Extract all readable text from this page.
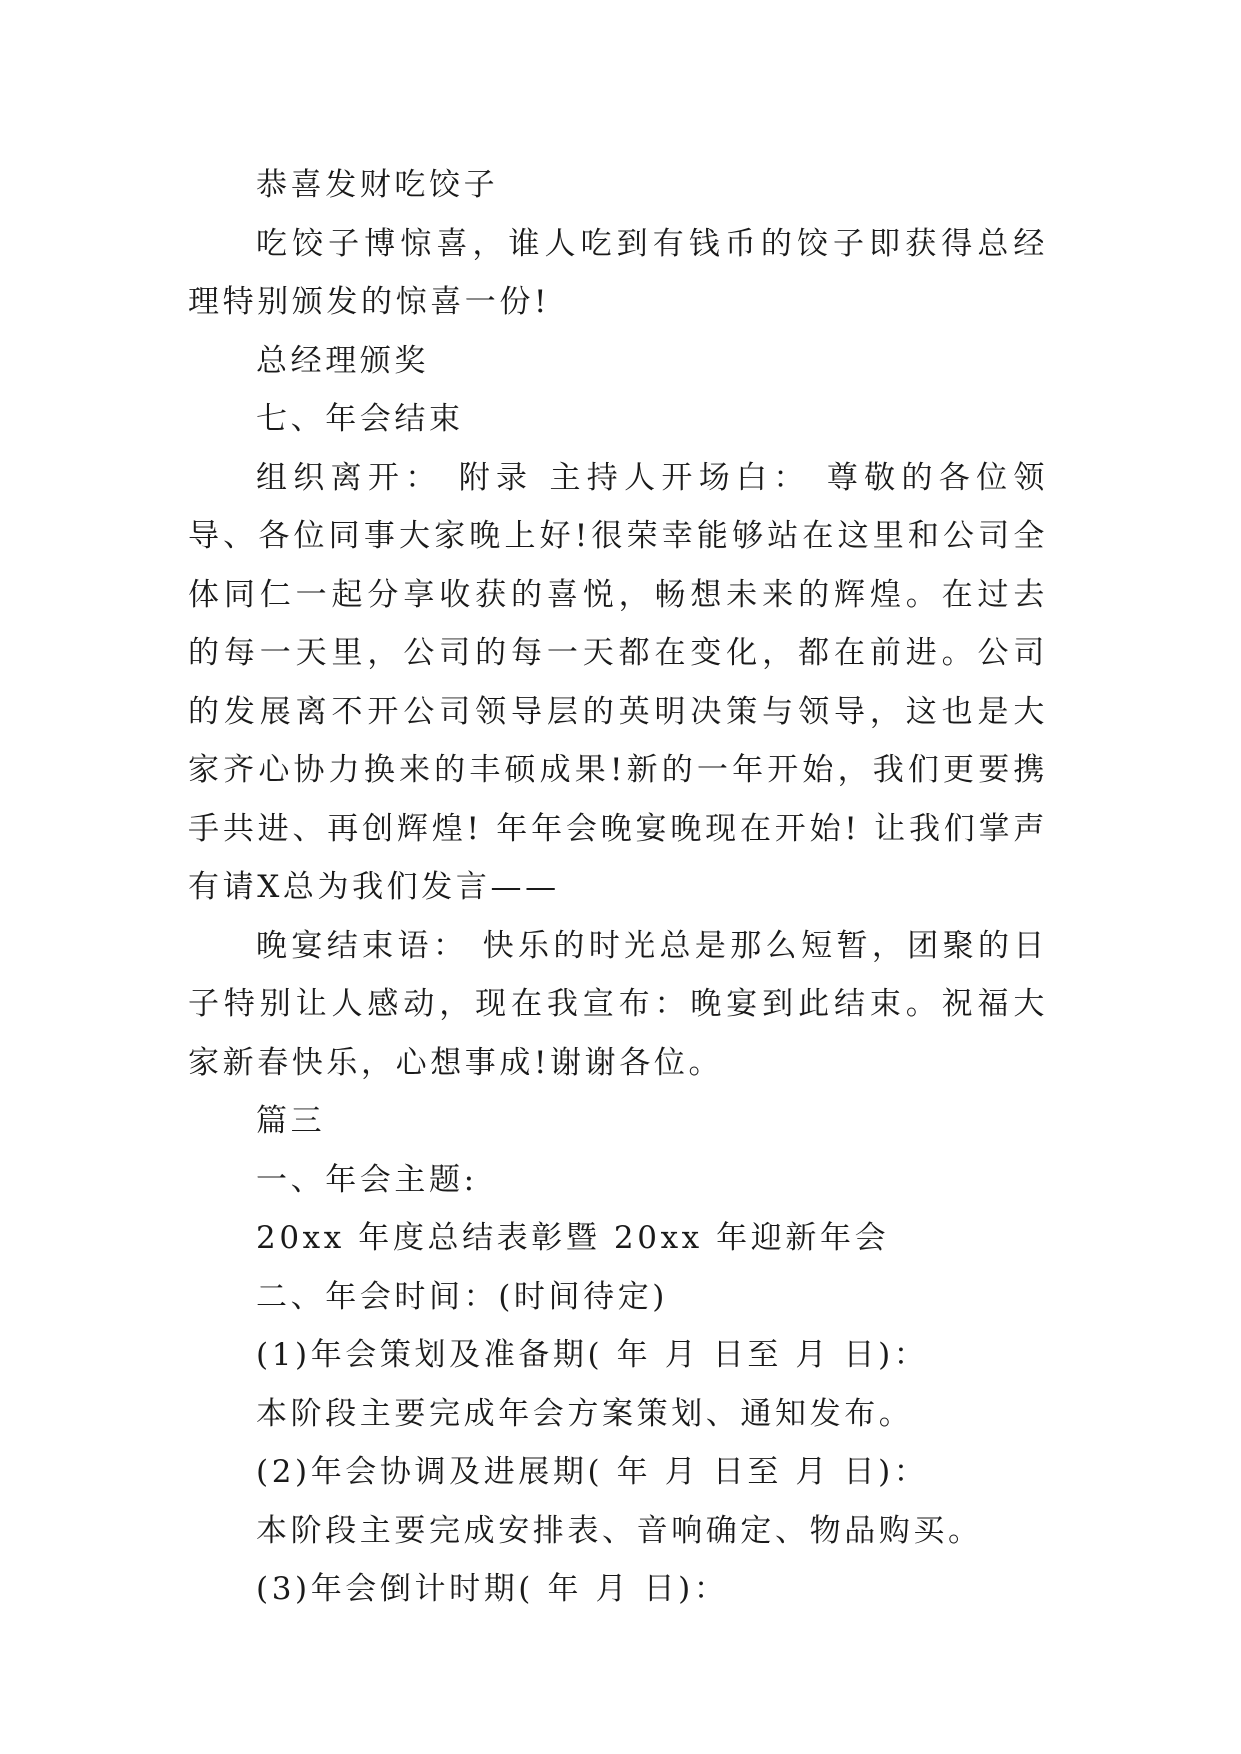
恭喜发财吃饺子

吃饺子博惊喜，谁人吃到有钱币的饺子即获得总经理特别颁发的惊喜一份!

总经理颁奖

七、年会结束

组织离开： 附录 主持人开场白： 尊敬的各位领导、各位同事大家晚上好!很荣幸能够站在这里和公司全体同仁一起分享收获的喜悦，畅想未来的辉煌。在过去的每一天里，公司的每一天都在变化，都在前进。公司的发展离不开公司领导层的英明决策与领导，这也是大家齐心协力换来的丰硕成果!新的一年开始，我们更要携手共进、再创辉煌! 年年会晚宴晚现在开始! 让我们掌声有请X总为我们发言——

晚宴结束语： 快乐的时光总是那么短暂，团聚的日子特别让人感动，现在我宣布：晚宴到此结束。祝福大家新春快乐，心想事成!谢谢各位。

篇三

一、年会主题:

20xx 年度总结表彰暨 20xx 年迎新年会

二、年会时间：(时间待定)

(1)年会策划及准备期( 年 月 日至 月 日)：

本阶段主要完成年会方案策划、通知发布。

(2)年会协调及进展期( 年 月 日至 月 日)：

本阶段主要完成安排表、音响确定、物品购买。

(3)年会倒计时期( 年 月 日)：
